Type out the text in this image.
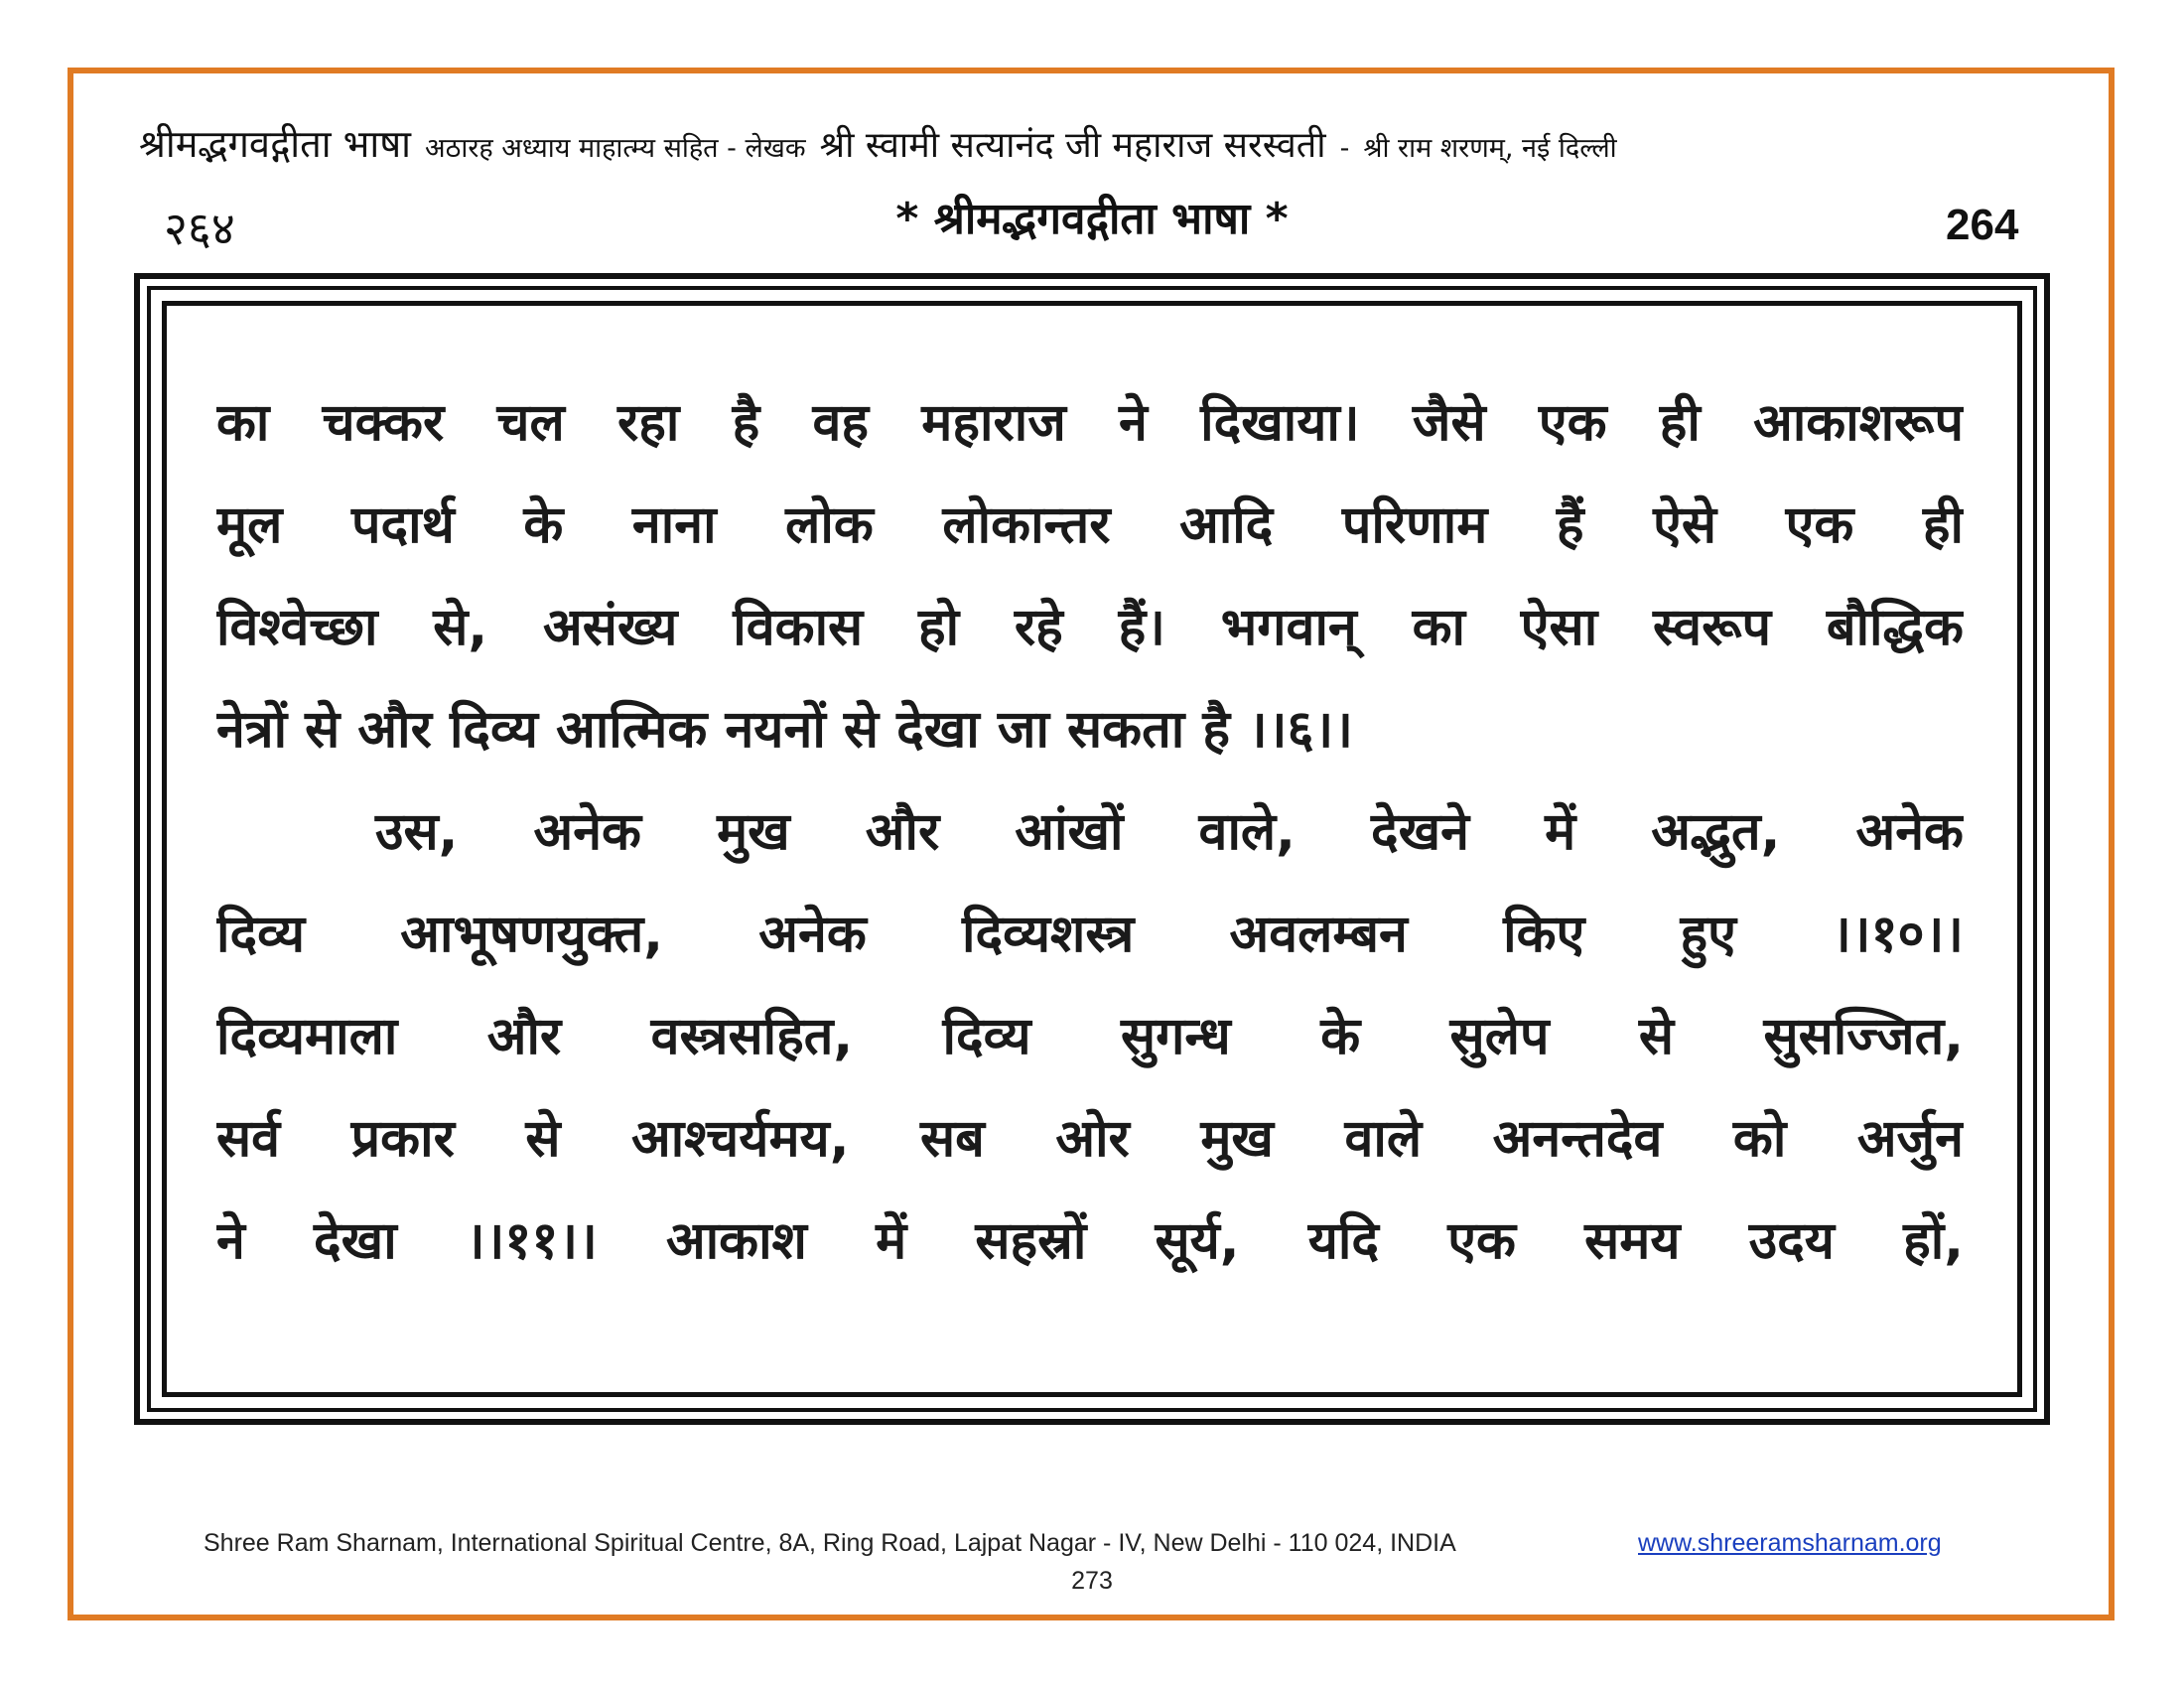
श्रीमद्भगवद्गीता भाषा अठारह अध्याय माहात्म्य सहित - लेखक श्री स्वामी सत्यानंद जी महाराज सरस्वती - श्री राम शरणम्, नई दिल्ली
२६४	* श्रीमद्भगवद्गीता भाषा *	264
का चक्कर चल रहा है वह महाराज ने दिखाया। जैसे एक ही आकाशरूप
मूल पदार्थ के नाना लोक लोकान्तर आदि परिणाम हैं ऐसे एक ही
विश्वेच्छा से, असंख्य विकास हो रहे हैं। भगवान् का ऐसा स्वरूप बौद्धिक
नेत्रों से और दिव्य आत्मिक नयनों से देखा जा सकता है ।।६।।
उस, अनेक मुख और आंखों वाले, देखने में अद्भुत, अनेक
दिव्य आभूषणयुक्त, अनेक दिव्यशस्त्र अवलम्बन किए हुए ।।१०।।
दिव्यमाला और वस्त्रसहित, दिव्य सुगन्ध के सुलेप से सुसज्जित,
सर्व प्रकार से आश्चर्यमय, सब ओर मुख वाले अनन्तदेव को अर्जुन
ने देखा ।।११।। आकाश में सहस्रों सूर्य, यदि एक समय उदय हों,
Shree Ram Sharnam, International Spiritual Centre, 8A, Ring Road, Lajpat Nagar - IV, New Delhi - 110 024, INDIA	www.shreeramsharnam.org
273
